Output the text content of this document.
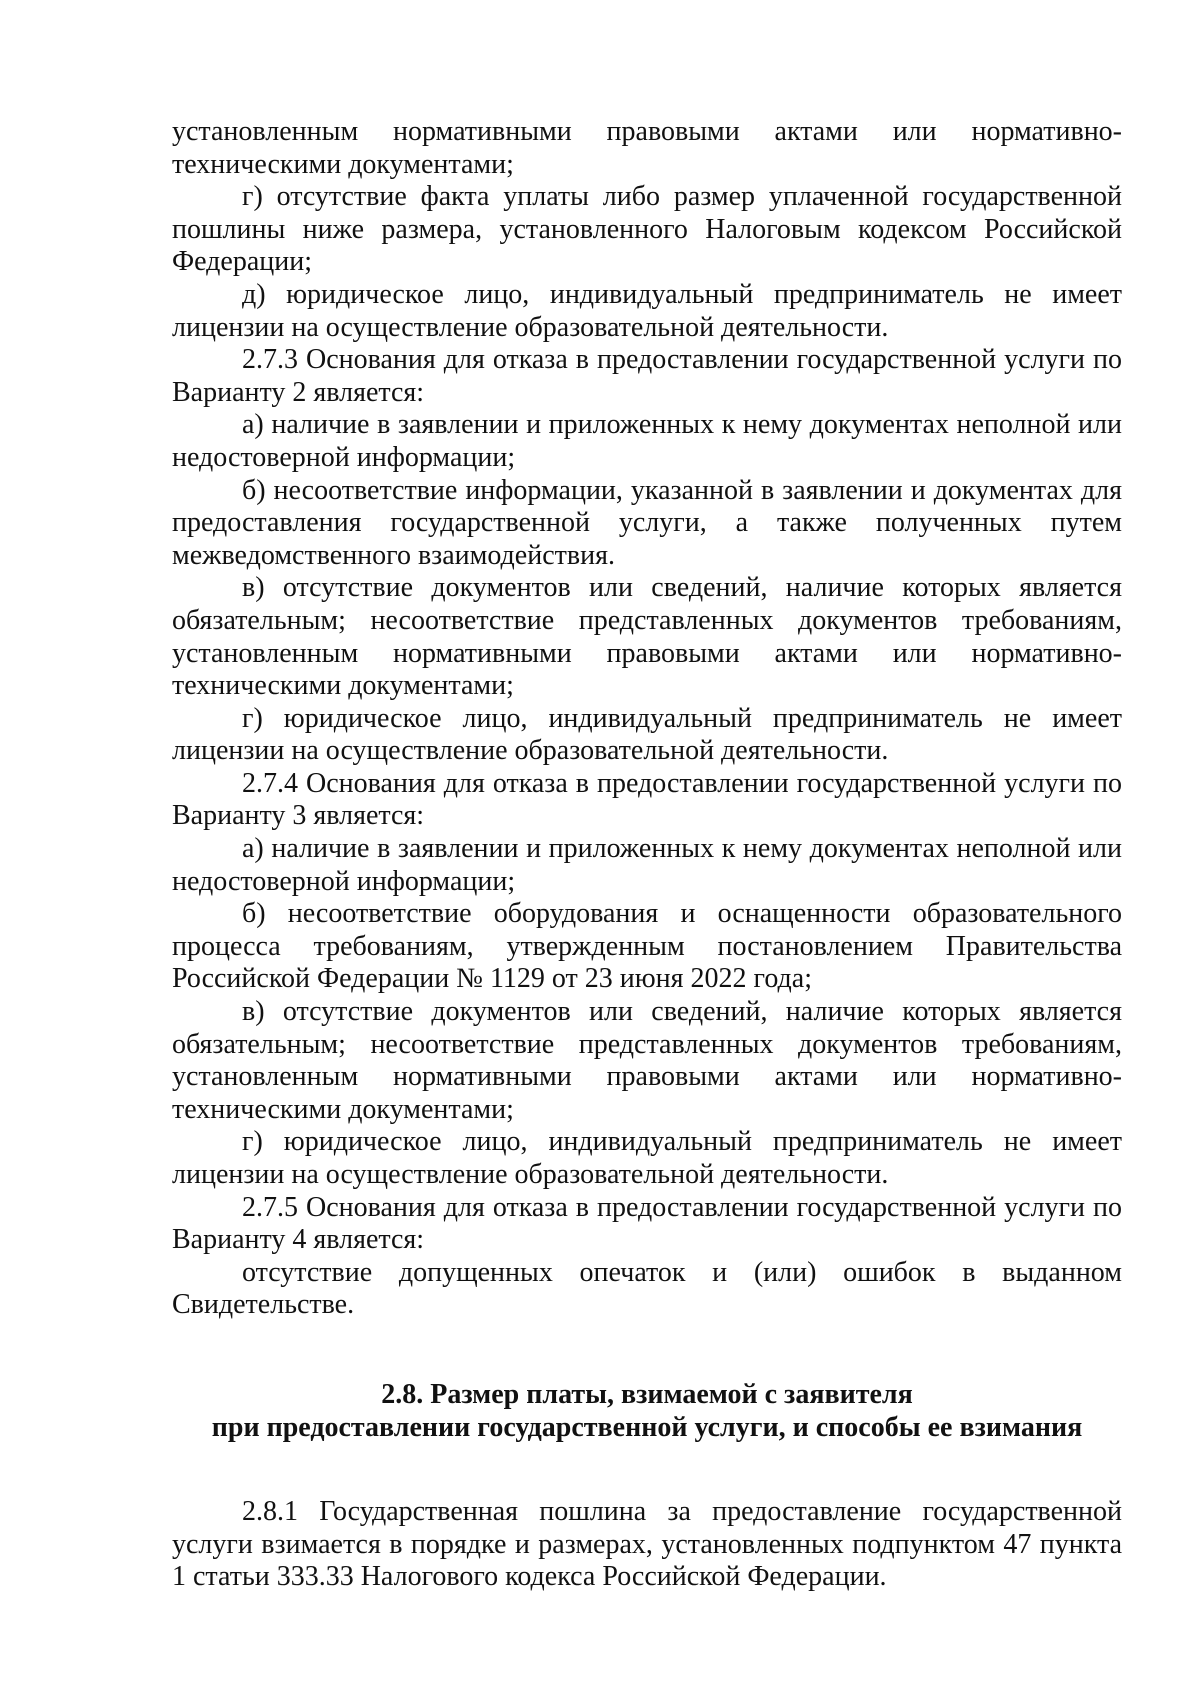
установленным нормативными правовыми актами или нормативно-техническими документами;

г) отсутствие факта уплаты либо размер уплаченной государственной пошлины ниже размера, установленного Налоговым кодексом Российской Федерации;

д) юридическое лицо, индивидуальный предприниматель не имеет лицензии на осуществление образовательной деятельности.

2.7.3 Основания для отказа в предоставлении государственной услуги по Варианту 2 является:

а) наличие в заявлении и приложенных к нему документах неполной или недостоверной информации;

б) несоответствие информации, указанной в заявлении и документах для предоставления государственной услуги, а также полученных путем межведомственного взаимодействия.

в) отсутствие документов или сведений, наличие которых является обязательным; несоответствие представленных документов требованиям, установленным нормативными правовыми актами или нормативно-техническими документами;

г) юридическое лицо, индивидуальный предприниматель не имеет лицензии на осуществление образовательной деятельности.

2.7.4 Основания для отказа в предоставлении государственной услуги по Варианту 3 является:

а) наличие в заявлении и приложенных к нему документах неполной или недостоверной информации;

б) несоответствие оборудования и оснащенности образовательного процесса требованиям, утвержденным постановлением Правительства Российской Федерации № 1129 от 23 июня 2022 года;

в) отсутствие документов или сведений, наличие которых является обязательным; несоответствие представленных документов требованиям, установленным нормативными правовыми актами или нормативно-техническими документами;

г) юридическое лицо, индивидуальный предприниматель не имеет лицензии на осуществление образовательной деятельности.

2.7.5 Основания для отказа в предоставлении государственной услуги по Варианту 4 является:

отсутствие допущенных опечаток и (или) ошибок в выданном Свидетельстве.

2.8. Размер платы, взимаемой с заявителя
при предоставлении государственной услуги, и способы ее взимания

2.8.1 Государственная пошлина за предоставление государственной услуги взимается в порядке и размерах, установленных подпунктом 47 пункта 1 статьи 333.33 Налогового кодекса Российской Федерации.
